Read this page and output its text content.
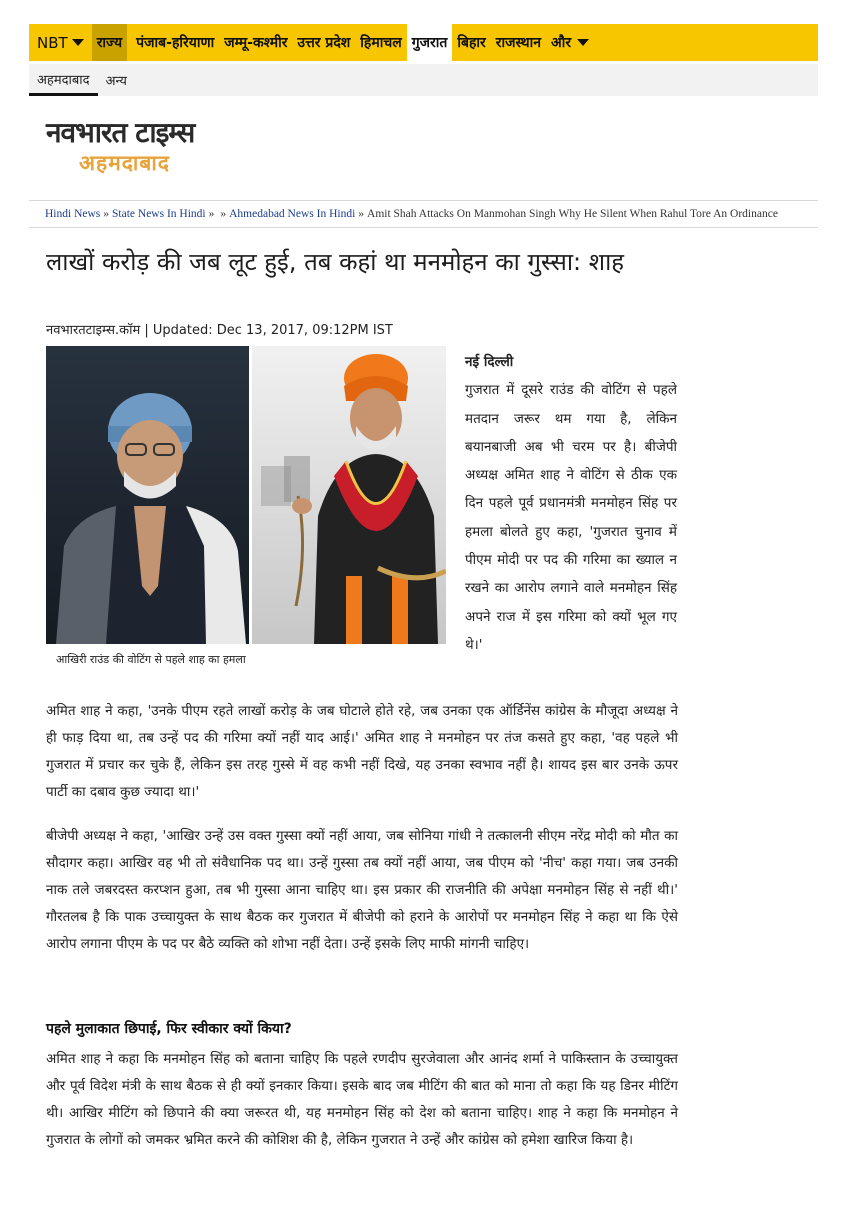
NBT	राज्य	पंजाब-हरियाणा जम्मू-कश्मीर उत्तर प्रदेश हिमाचल गुजरात बिहार राजस्थान और
अहमदाबाद	अन्य
नवभारत टाइम्स
अहमदाबाद
Hindi News » State News In Hindi » » Ahmedabad News In Hindi » Amit Shah Attacks On Manmohan Singh Why He Silent When Rahul Tore An Ordinance
लाखों करोड़ की जब लूट हुई, तब कहां था मनमोहन का गुस्सा: शाह
नवभारतटाइम्स.कॉम | Updated: Dec 13, 2017, 09:12PM IST
आखिरी राउंड की वोटिंग से पहले शाह का हमला
नई दिल्ली
गुजरात में दूसरे राउंड की वोटिंग से पहले मतदान जरूर थम गया है, लेकिन बयानबाजी अब भी चरम पर है। बीजेपी अध्यक्ष अमित शाह ने वोटिंग से ठीक एक दिन पहले पूर्व प्रधानमंत्री मनमोहन सिंह पर हमला बोलते हुए कहा, 'गुजरात चुनाव में पीएम मोदी पर पद की गरिमा का ख्याल न रखने का आरोप लगाने वाले मनमोहन सिंह अपने राज में इस गरिमा को क्यों भूल गए थे।'

अमित शाह ने कहा, 'उनके पीएम रहते लाखों करोड़ के जब घोटाले होते रहे, जब उनका एक ऑर्डिनेंस कांग्रेस के मौजूदा अध्यक्ष ने ही फाड़ दिया था, तब उन्हें पद की गरिमा क्यों नहीं याद आई।' अमित शाह ने मनमोहन पर तंज कसते हुए कहा, 'वह पहले भी गुजरात में प्रचार कर चुके हैं, लेकिन इस तरह गुस्से में वह कभी नहीं दिखे, यह उनका स्वभाव नहीं है। शायद इस बार उनके ऊपर पार्टी का दबाव कुछ ज्यादा था।'

बीजेपी अध्यक्ष ने कहा, 'आखिर उन्हें उस वक्त गुस्सा क्यों नहीं आया, जब सोनिया गांधी ने तत्कालनी सीएम नरेंद्र मोदी को मौत का सौदागर कहा। आखिर वह भी तो संवैधानिक पद था। उन्हें गुस्सा तब क्यों नहीं आया, जब पीएम को 'नीच' कहा गया। जब उनकी नाक तले जबरदस्त करप्शन हुआ, तब भी गुस्सा आना चाहिए था। इस प्रकार की राजनीति की अपेक्षा मनमोहन सिंह से नहीं थी।' गौरतलब है कि पाक उच्चायुक्त के साथ बैठक कर गुजरात में बीजेपी को हराने के आरोपों पर मनमोहन सिंह ने कहा था कि ऐसे आरोप लगाना पीएम के पद पर बैठे व्यक्ति को शोभा नहीं देता। उन्हें इसके लिए माफी मांगनी चाहिए।

पहले मुलाकात छिपाई, फिर स्वीकार क्यों किया?

अमित शाह ने कहा कि मनमोहन सिंह को बताना चाहिए कि पहले रणदीप सुरजेवाला और आनंद शर्मा ने पाकिस्तान के उच्चायुक्त और पूर्व विदेश मंत्री के साथ बैठक से ही क्यों इनकार किया। इसके बाद जब मीटिंग की बात को माना तो कहा कि यह डिनर मीटिंग थी। आखिर मीटिंग को छिपाने की क्या जरूरत थी, यह मनमोहन सिंह को देश को बताना चाहिए। शाह ने कहा कि मनमोहन ने गुजरात के लोगों को जमकर भ्रमित करने की कोशिश की है, लेकिन गुजरात ने उन्हें और कांग्रेस को हमेशा खारिज किया है।
